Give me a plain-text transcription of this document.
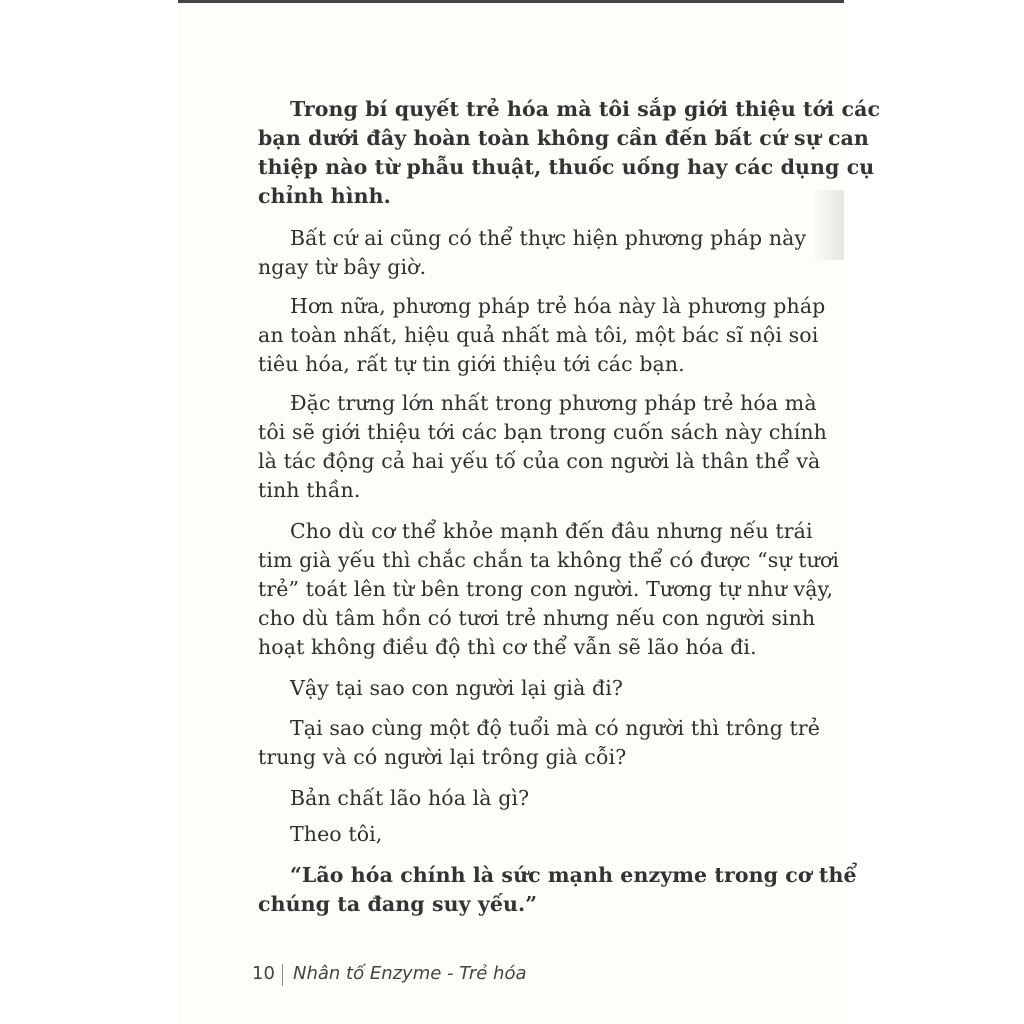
Trong bí quyết trẻ hóa mà tôi sắp giới thiệu tới các
bạn dưới đây hoàn toàn không cần đến bất cứ sự can
thiệp nào từ phẫu thuật, thuốc uống hay các dụng cụ
chỉnh hình.
Bất cứ ai cũng có thể thực hiện phương pháp này
ngay từ bây giờ.
Hơn nữa, phương pháp trẻ hóa này là phương pháp
an toàn nhất, hiệu quả nhất mà tôi, một bác sĩ nội soi
tiêu hóa, rất tự tin giới thiệu tới các bạn.
Đặc trưng lớn nhất trong phương pháp trẻ hóa mà
tôi sẽ giới thiệu tới các bạn trong cuốn sách này chính
là tác động cả hai yếu tố của con người là thân thể và
tinh thần.
Cho dù cơ thể khỏe mạnh đến đâu nhưng nếu trái
tim già yếu thì chắc chắn ta không thể có được “sự tươi
trẻ” toát lên từ bên trong con người. Tương tự như vậy,
cho dù tâm hồn có tươi trẻ nhưng nếu con người sinh
hoạt không điều độ thì cơ thể vẫn sẽ lão hóa đi.
Vậy tại sao con người lại già đi?
Tại sao cùng một độ tuổi mà có người thì trông trẻ
trung và có người lại trông già cỗi?
Bản chất lão hóa là gì?
Theo tôi,
“Lão hóa chính là sức mạnh enzyme trong cơ thể
chúng ta đang suy yếu.”
10 Nhân tố Enzyme - Trẻ hóa
